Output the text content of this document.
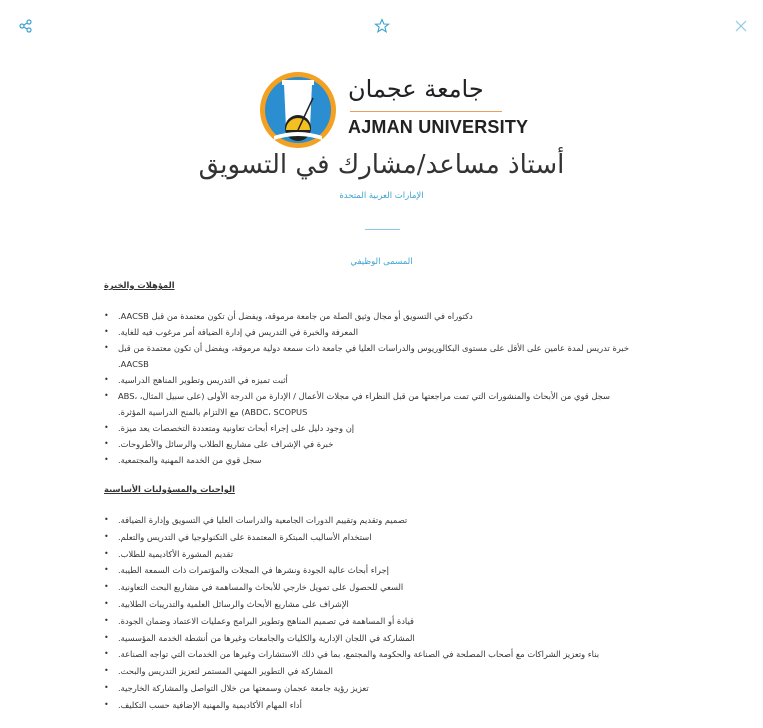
جامعة عجمان
AJMAN UNIVERSITY
أستاذ مساعد/مشارك في التسويق
الإمارات العربية المتحدة
المسمى الوظيفي
المؤهلات والخبرة
•	دكتوراه في التسويق أو مجال وثيق الصلة من جامعة مرموقة، ويفضل أن تكون معتمدة من قبل AACSB.
•	المعرفة والخبرة في التدريس في إدارة الضيافة أمر مرغوب فيه للغاية.
•	خبرة تدريس لمدة عامين على الأقل على مستوى البكالوريوس والدراسات العليا في جامعة ذات سمعة دولية مرموقة، ويفضل أن تكون معتمدة من قبل AACSB.
•	أثبت تميزه في التدريس وتطوير المناهج الدراسية.
•	سجل قوي من الأبحاث والمنشورات التي تمت مراجعتها من قبل النظراء في مجلات الأعمال / الإدارة من الدرجة الأولى (على سبيل المثال، ABS، ABDC، SCOPUS) مع الالتزام بالمنح الدراسية المؤثرة.
•	إن وجود دليل على إجراء أبحاث تعاونية ومتعددة التخصصات يعد ميزة.
•	خبرة في الإشراف على مشاريع الطلاب والرسائل والأطروحات.
•	سجل قوي من الخدمة المهنية والمجتمعية.
الواجبات والمسؤوليات الأساسية
•	تصميم وتقديم وتقييم الدورات الجامعية والدراسات العليا في التسويق وإدارة الضيافة.
•	استخدام الأساليب المبتكرة المعتمدة على التكنولوجيا في التدريس والتعلم.
•	تقديم المشورة الأكاديمية للطلاب.
•	إجراء أبحاث عالية الجودة ونشرها في المجلات والمؤتمرات ذات السمعة الطيبة.
•	السعي للحصول على تمويل خارجي للأبحاث والمساهمة في مشاريع البحث التعاونية.
•	الإشراف على مشاريع الأبحاث والرسائل العلمية والتدريبات الطلابية.
•	قيادة أو المساهمة في تصميم المناهج وتطوير البرامج وعمليات الاعتماد وضمان الجودة.
•	المشاركة في اللجان الإدارية والكليات والجامعات وغيرها من أنشطة الخدمة المؤسسية.
•	بناء وتعزيز الشراكات مع أصحاب المصلحة في الصناعة والحكومة والمجتمع، بما في ذلك الاستشارات وغيرها من الخدمات التي تواجه الصناعة.
•	المشاركة في التطوير المهني المستمر لتعزيز التدريس والبحث.
•	تعزيز رؤية جامعة عجمان وسمعتها من خلال التواصل والمشاركة الخارجية.
•	أداء المهام الأكاديمية والمهنية الإضافية حسب التكليف.
